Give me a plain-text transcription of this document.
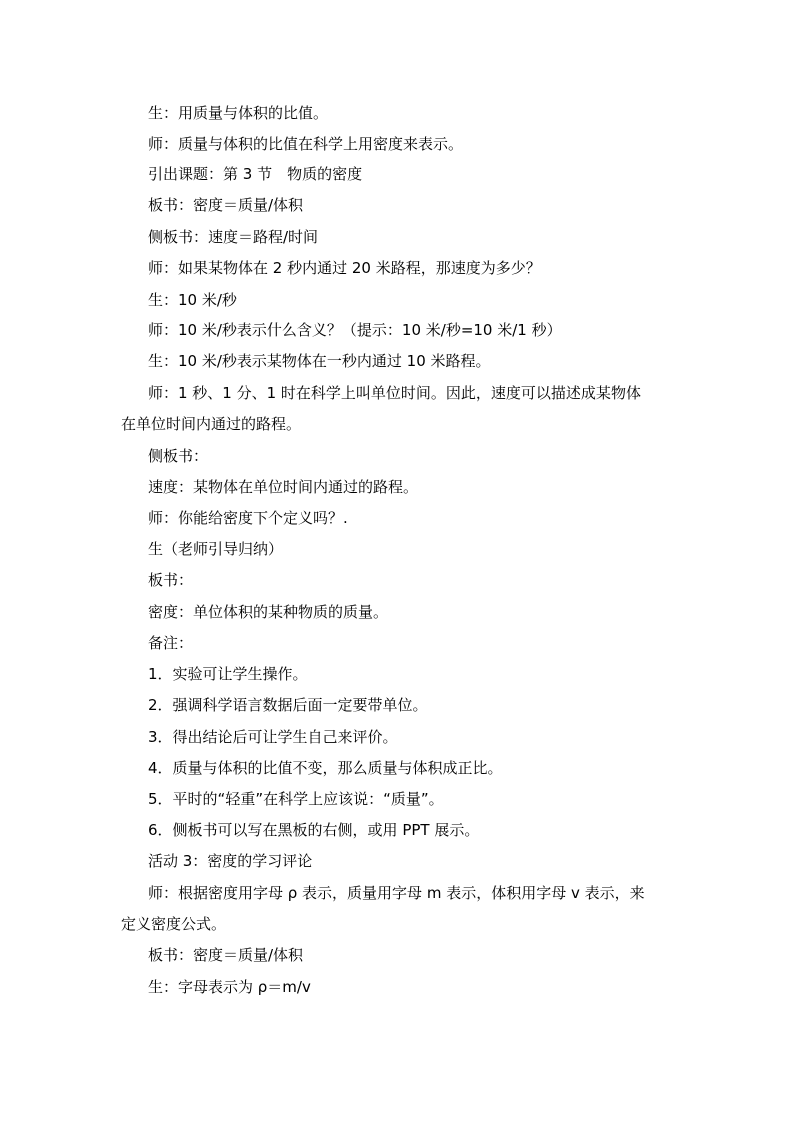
生：用质量与体积的比值。
师：质量与体积的比值在科学上用密度来表示。
引出课题：第 3 节　物质的密度
板书：密度＝质量/体积
侧板书：速度＝路程/时间
师：如果某物体在 2 秒内通过 20 米路程，那速度为多少？
生：10 米/秒
师：10 米/秒表示什么含义？（提示：10 米/秒=10 米/1 秒）
生：10 米/秒表示某物体在一秒内通过 10 米路程。
师：1 秒、1 分、1 时在科学上叫单位时间。因此，速度可以描述成某物体
在单位时间内通过的路程。
侧板书：
速度：某物体在单位时间内通过的路程。
师：你能给密度下个定义吗？.
生（老师引导归纳）
板书：
密度：单位体积的某种物质的质量。
备注：
1．实验可让学生操作。
2．强调科学语言数据后面一定要带单位。
3．得出结论后可让学生自己来评价。
4．质量与体积的比值不变，那么质量与体积成正比。
5．平时的“轻重”在科学上应该说：“质量”。
6．侧板书可以写在黑板的右侧，或用 PPT 展示。
活动 3：密度的学习评论
师：根据密度用字母 ρ 表示，质量用字母 m 表示，体积用字母 v 表示，来
定义密度公式。
板书：密度＝质量/体积
生：字母表示为 ρ＝m/v
